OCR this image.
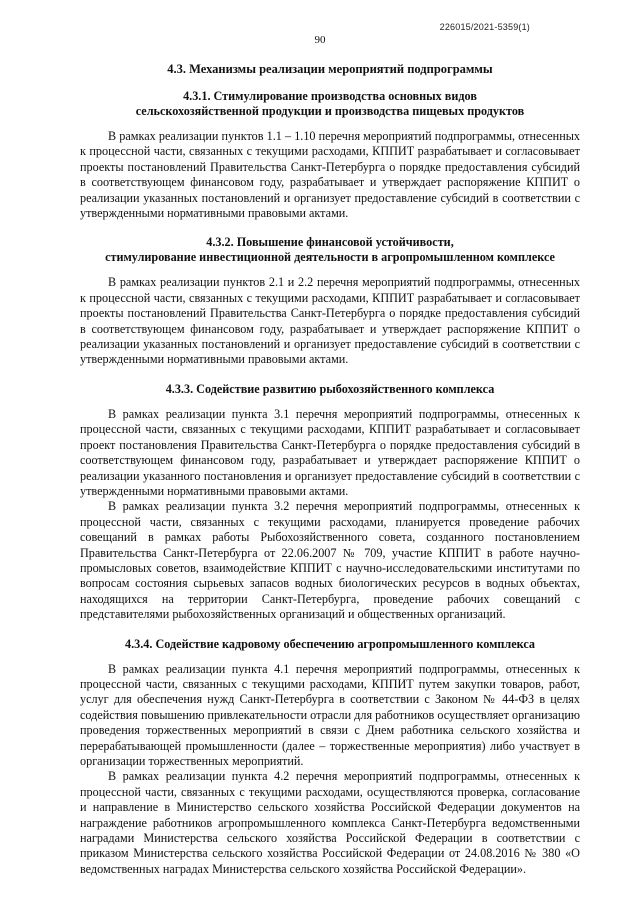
226015/2021-5359(1)
90
4.3. Механизмы реализации мероприятий подпрограммы
4.3.1. Стимулирование производства основных видов
сельскохозяйственной продукции и производства пищевых продуктов

В рамках реализации пунктов 1.1 – 1.10 перечня мероприятий подпрограммы, отнесенных к процессной части, связанных с текущими расходами, КППИТ разрабатывает и согласовывает проекты постановлений Правительства Санкт-Петербурга о порядке предоставления субсидий в соответствующем финансовом году, разрабатывает и утверждает распоряжение КППИТ о реализации указанных постановлений и организует предоставление субсидий в соответствии с утвержденными нормативными правовыми актами.

4.3.2. Повышение финансовой устойчивости,
стимулирование инвестиционной деятельности в агропромышленном комплексе

В рамках реализации пунктов 2.1 и 2.2 перечня мероприятий подпрограммы, отнесенных к процессной части, связанных с текущими расходами, КППИТ разрабатывает и согласовывает проекты постановлений Правительства Санкт-Петербурга о порядке предоставления субсидий в соответствующем финансовом году, разрабатывает и утверждает распоряжение КППИТ о реализации указанных постановлений и организует предоставление субсидий в соответствии с утвержденными нормативными правовыми актами.

4.3.3. Содействие развитию рыбохозяйственного комплекса

В рамках реализации пункта 3.1 перечня мероприятий подпрограммы, отнесенных к процессной части, связанных с текущими расходами, КППИТ разрабатывает и согласовывает проект постановления Правительства Санкт-Петербурга о порядке предоставления субсидий в соответствующем финансовом году, разрабатывает и утверждает распоряжение КППИТ о реализации указанного постановления и организует предоставление субсидий в соответствии с утвержденными нормативными правовыми актами.

В рамках реализации пункта 3.2 перечня мероприятий подпрограммы, отнесенных к процессной части, связанных с текущими расходами, планируется проведение рабочих совещаний в рамках работы Рыбохозяйственного совета, созданного постановлением Правительства Санкт-Петербурга от 22.06.2007 № 709, участие КППИТ в работе научно-промысловых советов, взаимодействие КППИТ с научно-исследовательскими институтами по вопросам состояния сырьевых запасов водных биологических ресурсов в водных объектах, находящихся на территории Санкт-Петербурга, проведение рабочих совещаний с представителями рыбохозяйственных организаций и общественных организаций.

4.3.4. Содействие кадровому обеспечению агропромышленного комплекса

В рамках реализации пункта 4.1 перечня мероприятий подпрограммы, отнесенных к процессной части, связанных с текущими расходами, КППИТ путем закупки товаров, работ, услуг для обеспечения нужд Санкт-Петербурга в соответствии с Законом № 44-ФЗ в целях содействия повышению привлекательности отрасли для работников осуществляет организацию проведения торжественных мероприятий в связи с Днем работника сельского хозяйства и перерабатывающей промышленности (далее – торжественные мероприятия) либо участвует в организации торжественных мероприятий.

В рамках реализации пункта 4.2 перечня мероприятий подпрограммы, отнесенных к процессной части, связанных с текущими расходами, осуществляются проверка, согласование и направление в Министерство сельского хозяйства Российской Федерации документов на награждение работников агропромышленного комплекса Санкт-Петербурга ведомственными наградами Министерства сельского хозяйства Российской Федерации в соответствии с приказом Министерства сельского хозяйства Российской Федерации от 24.08.2016 № 380 «О ведомственных наградах Министерства сельского хозяйства Российской Федерации».
